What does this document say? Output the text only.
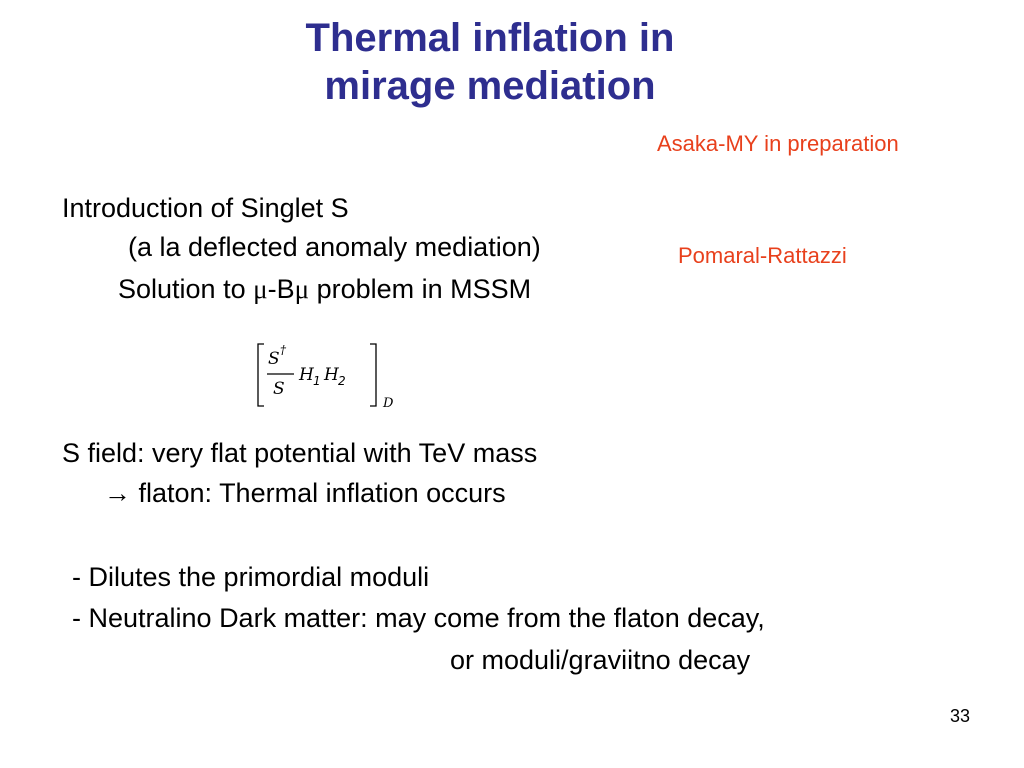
Thermal inflation in
mirage mediation
Asaka-MY in preparation
Pomaral-Rattazzi
Introduction of Singlet S
(a la deflected anomaly mediation)
Solution to μ-Bμ problem in MSSM
S †
S
H 1 H 2
D
S field: very flat potential with TeV mass
→ flaton: Thermal inflation occurs
- Dilutes the primordial moduli
- Neutralino Dark matter: may come from the flaton decay,
or moduli/graviitno decay
33
